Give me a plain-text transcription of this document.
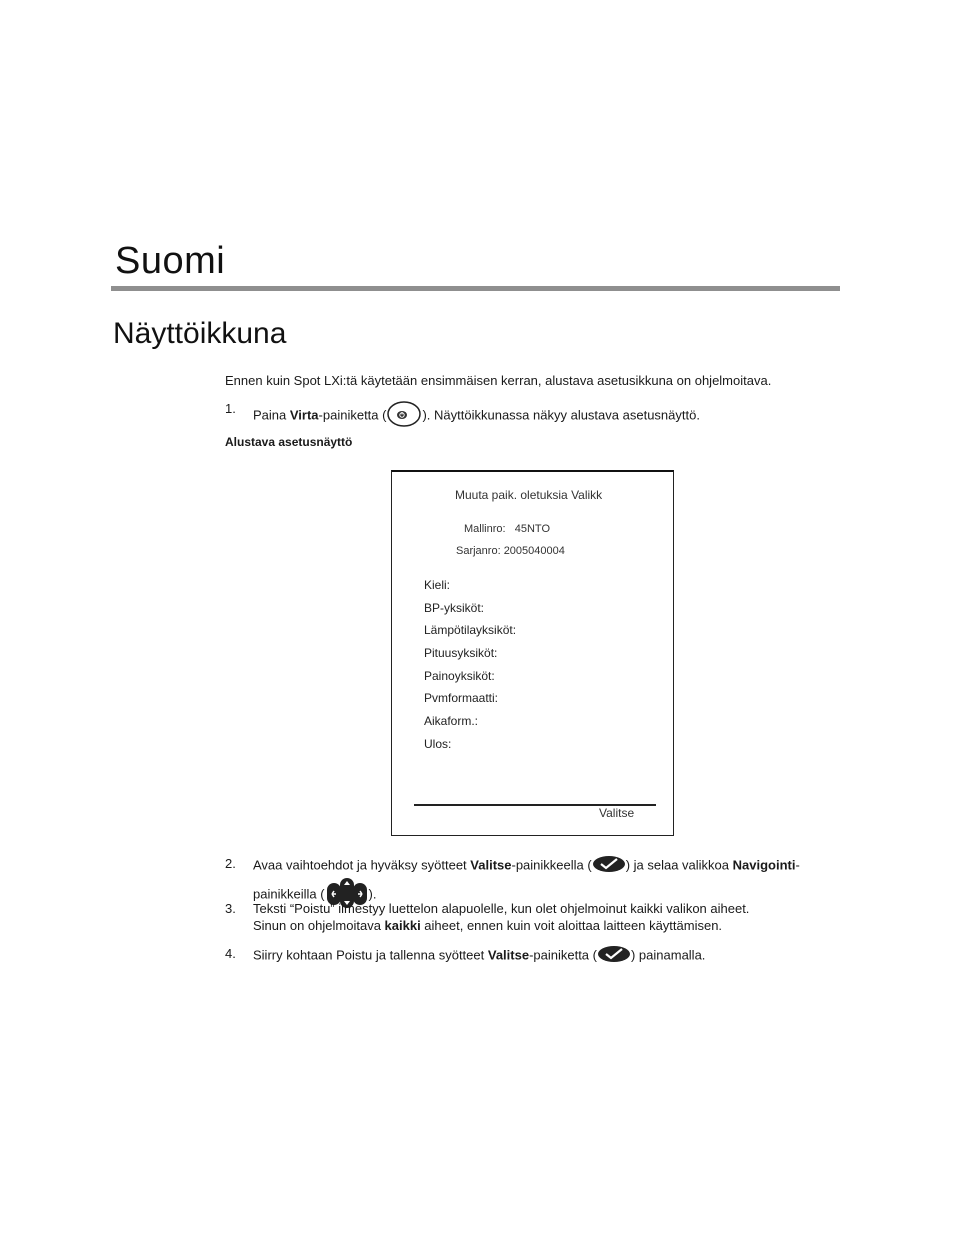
Suomi
Näyttöikkuna
Ennen kuin Spot LXi:tä käytetään ensimmäisen kerran, alustava asetusikkuna on ohjelmoitava.
1. Paina Virta-painiketta (	). Näyttöikkunassa näkyy alustava asetusnäyttö.
Alustava asetusnäyttö
Muuta paik. oletuksia Valikk
Mallinro: 45NTO
Sarjanro: 2005040004
Kieli:
BP-yksiköt:
Lämpötilayksiköt:
Pituusyksiköt:
Painoyksiköt:
Pvmformaatti:
Aikaform.:
Ulos:
Valitse
2. Avaa vaihtoehdot ja hyväksy syötteet Valitse-painikkeella (	) ja selaa valikkoa Navigointi-
painikkeilla (	).
3. Teksti “Poistu” ilmestyy luettelon alapuolelle, kun olet ohjelmoinut kaikki valikon aiheet.
Sinun on ohjelmoitava kaikki aiheet, ennen kuin voit aloittaa laitteen käyttämisen.
4. Siirry kohtaan Poistu ja tallenna syötteet Valitse-painiketta (	) painamalla.
